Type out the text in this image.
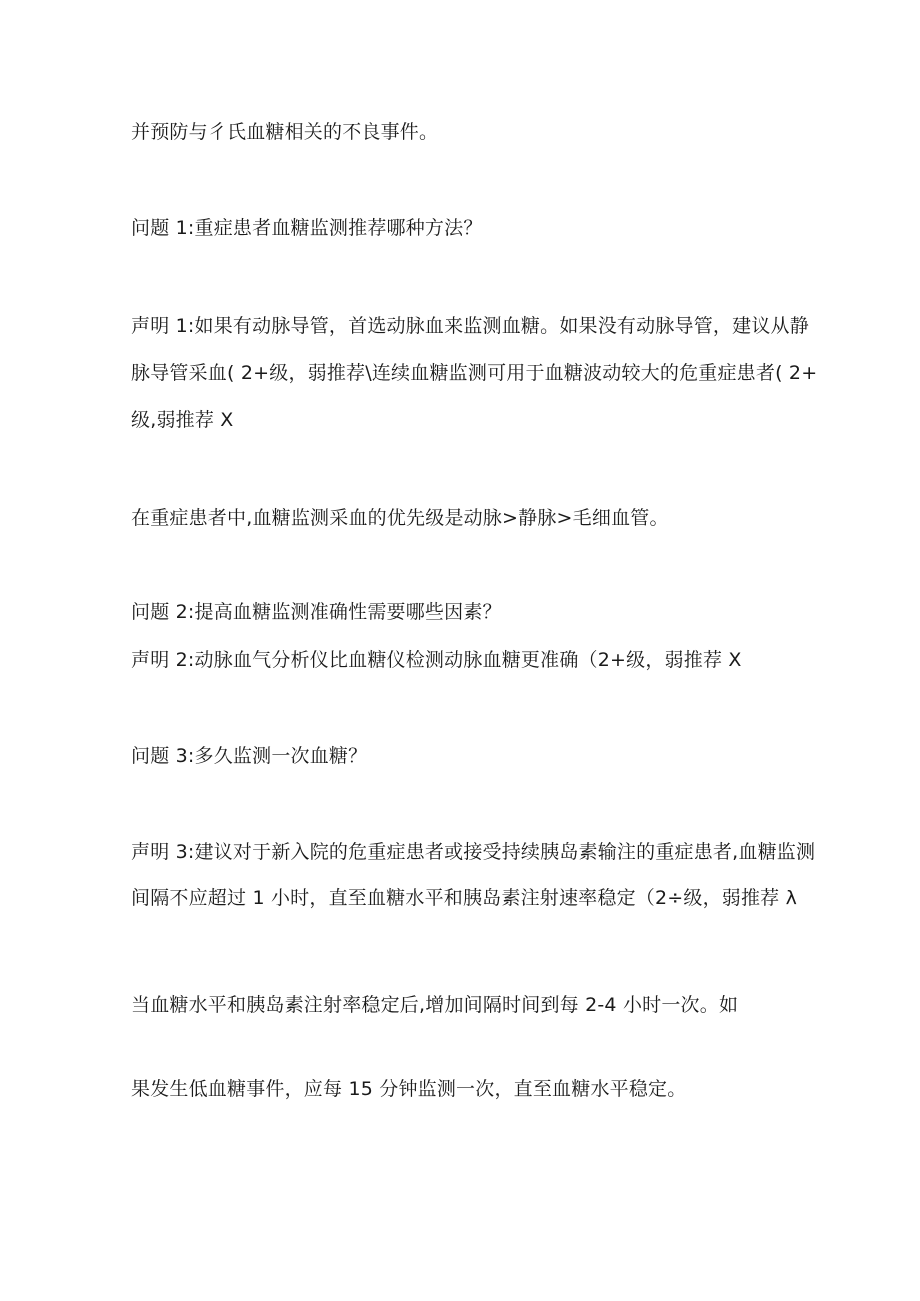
并预防与彳氏血糖相关的不良事件。
问题 1:重症患者血糖监测推荐哪种方法？
声明 1:如果有动脉导管，首选动脉血来监测血糖。如果没有动脉导管，建议从静
脉导管采血( 2+级，弱推荐\连续血糖监测可用于血糖波动较大的危重症患者( 2+
级,弱推荐 X
在重症患者中,血糖监测采血的优先级是动脉>静脉>毛细血管。
问题 2:提高血糖监测准确性需要哪些因素？
声明 2:动脉血气分析仪比血糖仪检测动脉血糖更准确（2+级，弱推荐 X
问题 3:多久监测一次血糖？
声明 3:建议对于新入院的危重症患者或接受持续胰岛素输注的重症患者,血糖监测
间隔不应超过 1 小时，直至血糖水平和胰岛素注射速率稳定（2÷级，弱推荐 λ
当血糖水平和胰岛素注射率稳定后,增加间隔时间到每 2-4 小时一次。如
果发生低血糖事件，应每 15 分钟监测一次，直至血糖水平稳定。
